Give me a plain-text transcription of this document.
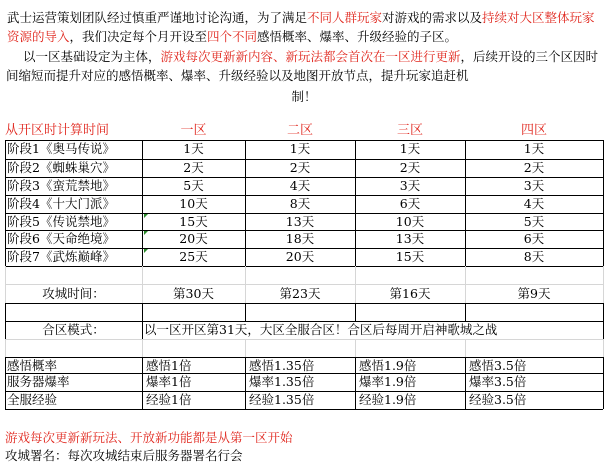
武士运营策划团队经过慎重严谨地讨论沟通，为了满足不同人群玩家对游戏的需求以及持续对大区整体玩家资源的导入，我们决定每个月开设至四个不同感悟概率、爆率、升级经验的子区。

以一区基础设定为主体，游戏每次更新新内容、新玩法都会首次在一区进行更新，后续开设的三个区因时间缩短而提升对应的感悟概率、爆率、升级经验以及地图开放节点，提升玩家追赶机

制！

从开区时计算时间	一区	二区	三区	四区
阶段1《奥马传说》	1天	1天	1天	1天
阶段2《蜘蛛巢穴》	2天	2天	2天	2天
阶段3《蛮荒禁地》	5天	4天	3天	3天
阶段4《十大门派》	10天	8天	6天	4天
阶段5《传说禁地》	15天	13天	10天	5天
阶段6《天命绝境》	20天	18天	13天	6天
阶段7《武炼巅峰》	25天	20天	15天	8天
攻城时间：	第30天	第23天	第16天	第9天
合区模式：	以一区开区第31天，大区全服合区！合区后每周开启神歌城之战
感悟概率	感悟1倍	感悟1.35倍	感悟1.9倍	感悟3.5倍
服务器爆率	爆率1倍	爆率1.35倍	爆率1.9倍	爆率3.5倍
全服经验	经验1倍	经验1.35倍	经验1.9倍	经验3.5倍
游戏每次更新新玩法、开放新功能都是从第一区开始
攻城署名：每次攻城结束后服务器署名行会
